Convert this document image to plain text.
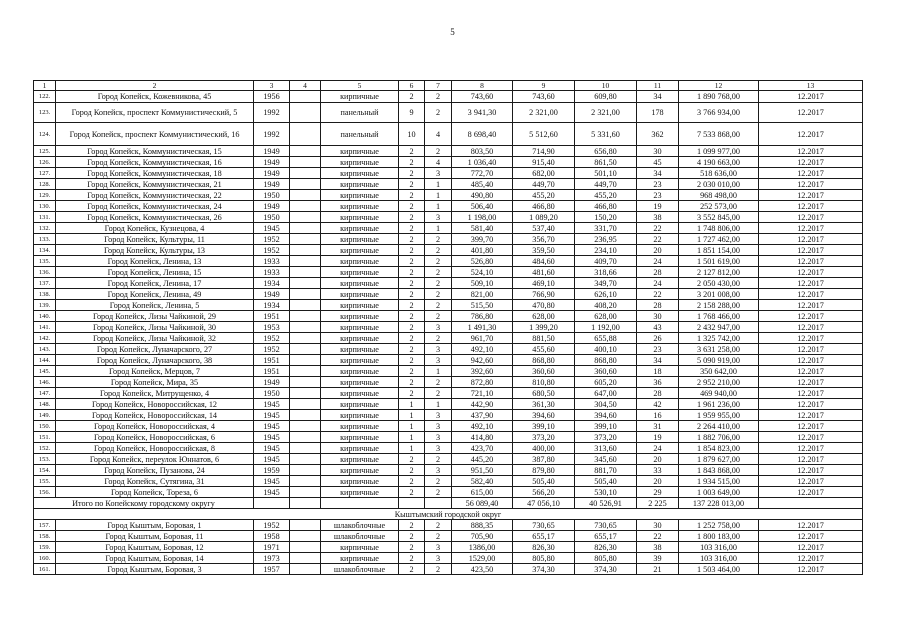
5
1	2	3	4	5	6	7	8	9	10	11	12	13
122.	Город Копейск, Кожевникова, 45	1956		кирпичные	2	2	743,60	743,60	609,80	34	1 890 768,00	12.2017
123.	Город Копейск, проспект Коммунистический, 5	1992		панельный	9	2	3 941,30	2 321,00	2 321,00	178	3 766 934,00	12.2017
124.	Город Копейск, проспект Коммунистический, 16	1992		панельный	10	4	8 698,40	5 512,60	5 331,60	362	7 533 868,00	12.2017
125.	Город Копейск, Коммунистическая, 15	1949		кирпичные	2	2	803,50	714,90	656,80	30	1 099 977,00	12.2017
126.	Город Копейск, Коммунистическая, 16	1949		кирпичные	2	4	1 036,40	915,40	861,50	45	4 190 663,00	12.2017
127.	Город Копейск, Коммунистическая, 18	1949		кирпичные	2	3	772,70	682,00	501,10	34	518 636,00	12.2017
128.	Город Копейск, Коммунистическая, 21	1949		кирпичные	2	1	485,40	449,70	449,70	23	2 030 010,00	12.2017
129.	Город Копейск, Коммунистическая, 22	1950		кирпичные	2	1	490,80	455,20	455,20	23	968 498,00	12.2017
130.	Город Копейск, Коммунистическая, 24	1949		кирпичные	2	1	506,40	466,80	466,80	19	252 573,00	12.2017
131.	Город Копейск, Коммунистическая, 26	1950		кирпичные	2	3	1 198,00	1 089,20	150,20	38	3 552 845,00	12.2017
132.	Город Копейск, Кузнецова, 4	1945		кирпичные	2	1	581,40	537,40	331,70	22	1 748 806,00	12.2017
133.	Город Копейск, Культуры, 11	1952		кирпичные	2	2	399,70	356,70	236,95	22	1 727 462,00	12.2017
134.	Город Копейск, Культуры, 13	1952		кирпичные	2	2	401,80	359,50	234,10	20	1 851 154,00	12.2017
135.	Город Копейск, Ленина, 13	1933		кирпичные	2	2	526,80	484,60	409,70	24	1 501 619,00	12.2017
136.	Город Копейск, Ленина, 15	1933		кирпичные	2	2	524,10	481,60	318,66	28	2 127 812,00	12.2017
137.	Город Копейск, Ленина, 17	1934		кирпичные	2	2	509,10	469,10	349,70	24	2 050 430,00	12.2017
138.	Город Копейск, Ленина, 49	1949		кирпичные	2	2	821,00	766,90	626,10	22	3 201 008,00	12.2017
139.	Город Копейск, Ленина, 5	1934		кирпичные	2	2	515,50	470,80	408,20	28	2 158 288,00	12.2017
140.	Город Копейск, Лизы Чайкиной, 29	1951		кирпичные	2	2	786,80	628,00	628,00	30	1 768 466,00	12.2017
141.	Город Копейск, Лизы Чайкиной, 30	1953		кирпичные	2	3	1 491,30	1 399,20	1 192,00	43	2 432 947,00	12.2017
142.	Город Копейск, Лизы Чайкиной, 32	1952		кирпичные	2	2	961,70	881,50	655,88	26	1 325 742,00	12.2017
143.	Город Копейск, Луначарского, 27	1952		кирпичные	2	3	492,10	455,60	400,10	23	3 631 258,00	12.2017
144.	Город Копейск, Луначарского, 38	1951		кирпичные	2	3	942,60	868,80	868,80	34	5 090 919,00	12.2017
145.	Город Копейск, Мерцов, 7	1951		кирпичные	2	1	392,60	360,60	360,60	18	350 642,00	12.2017
146.	Город Копейск, Мира, 35	1949		кирпичные	2	2	872,80	810,80	605,20	36	2 952 210,00	12.2017
147.	Город Копейск, Митрущенко, 4	1950		кирпичные	2	2	721,10	680,50	647,00	28	469 940,00	12.2017
148.	Город Копейск, Новороссийская, 12	1945		кирпичные	1	1	442,90	361,30	304,50	42	1 961 236,00	12.2017
149.	Город Копейск, Новороссийская, 14	1945		кирпичные	1	3	437,90	394,60	394,60	16	1 959 955,00	12.2017
150.	Город Копейск, Новороссийская, 4	1945		кирпичные	1	3	492,10	399,10	399,10	31	2 264 410,00	12.2017
151.	Город Копейск, Новороссийская, 6	1945		кирпичные	1	3	414,80	373,20	373,20	19	1 882 706,00	12.2017
152.	Город Копейск, Новороссийская, 8	1945		кирпичные	1	3	423,70	400,00	313,60	24	1 854 823,00	12.2017
153.	Город Копейск, переулок Юннатов, 6	1945		кирпичные	2	2	445,20	387,80	345,60	20	1 879 627,00	12.2017
154.	Город Копейск, Пузанова, 24	1959		кирпичные	2	3	951,50	879,80	881,70	33	1 843 868,00	12.2017
155.	Город Копейск, Сутягина, 31	1945		кирпичные	2	2	582,40	505,40	505,40	20	1 934 515,00	12.2017
156.	Город Копейск, Тореза, 6	1945		кирпичные	2	2	615,00	566,20	530,10	29	1 003 649,00	12.2017
Итого по Копейскому городскому округу							56 089,40	47 056,10	40 526,91	2 225	137 228 013,00	
Кыштымский городской округ												
157.	Город Кыштым, Боровая, 1	1952		шлакоблочные	2	2	888,35	730,65	730,65	30	1 252 758,00	12.2017
158.	Город Кыштым, Боровая, 11	1958		шлакоблочные	2	2	705,90	655,17	655,17	22	1 800 183,00	12.2017
159.	Город Кыштым, Боровая, 12	1971		кирпичные	2	3	1386,00	826,30	826,30	38	103 316,00	12.2017
160.	Город Кыштым, Боровая, 14	1973		кирпичные	2	3	1529,00	805,80	805,80	39	103 316,00	12.2017
161.	Город Кыштым, Боровая, 3	1957		шлакоблочные	2	2	423,50	374,30	374,30	21	1 503 464,00	12.2017
